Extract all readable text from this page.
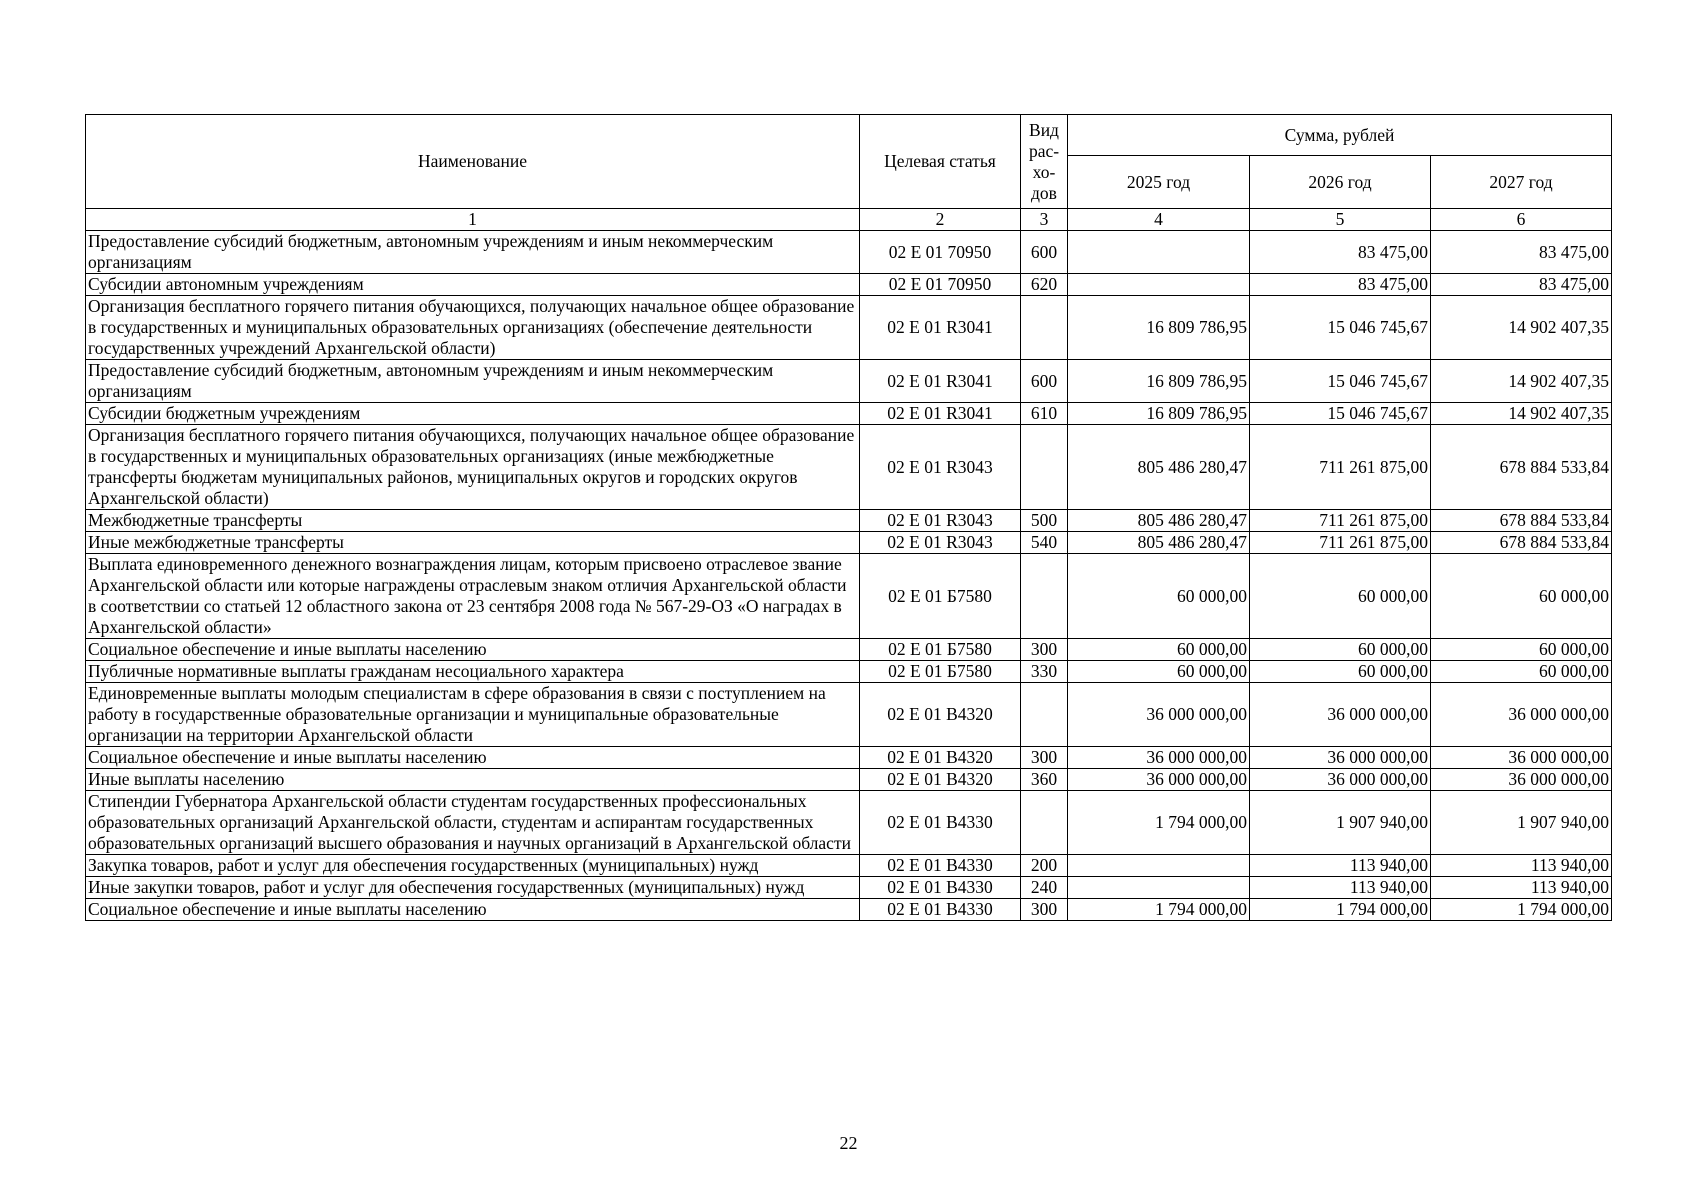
Наименование	Целевая статья	Вид
рас-
хо-
дов	Сумма, рублей		
			2025 год	2026 год	2027 год
1	2	3	4	5	6
Предоставление субсидий бюджетным, автономным учреждениям и иным некоммерческим организациям	02 Е 01 70950	600		83 475,00	83 475,00
Субсидии автономным учреждениям	02 Е 01 70950	620		83 475,00	83 475,00
Организация бесплатного горячего питания обучающихся, получающих начальное общее образование в государственных и муниципальных образовательных организациях (обеспечение деятельности государственных учреждений Архангельской области)	02 Е 01 R3041		16 809 786,95	15 046 745,67	14 902 407,35
Предоставление субсидий бюджетным, автономным учреждениям и иным некоммерческим организациям	02 Е 01 R3041	600	16 809 786,95	15 046 745,67	14 902 407,35
Субсидии бюджетным учреждениям	02 Е 01 R3041	610	16 809 786,95	15 046 745,67	14 902 407,35
Организация бесплатного горячего питания обучающихся, получающих начальное общее образование в государственных и муниципальных образовательных организациях (иные межбюджетные трансферты бюджетам муниципальных районов, муниципальных округов и городских округов Архангельской области)	02 Е 01 R3043		805 486 280,47	711 261 875,00	678 884 533,84
Межбюджетные трансферты	02 Е 01 R3043	500	805 486 280,47	711 261 875,00	678 884 533,84
Иные межбюджетные трансферты	02 Е 01 R3043	540	805 486 280,47	711 261 875,00	678 884 533,84
Выплата единовременного денежного вознаграждения лицам, которым присвоено отраслевое звание Архангельской области или которые награждены отраслевым знаком отличия Архангельской области в соответствии со статьей 12 областного закона от 23 сентября 2008 года № 567-29-ОЗ «О наградах в Архангельской области»	02 Е 01 Б7580		60 000,00	60 000,00	60 000,00
Социальное обеспечение и иные выплаты населению	02 Е 01 Б7580	300	60 000,00	60 000,00	60 000,00
Публичные нормативные выплаты гражданам несоциального характера	02 Е 01 Б7580	330	60 000,00	60 000,00	60 000,00
Единовременные выплаты молодым специалистам в сфере образования в связи с поступлением на работу в государственные образовательные организации и муниципальные образовательные организации на территории Архангельской области	02 Е 01 В4320		36 000 000,00	36 000 000,00	36 000 000,00
Социальное обеспечение и иные выплаты населению	02 Е 01 В4320	300	36 000 000,00	36 000 000,00	36 000 000,00
Иные выплаты населению	02 Е 01 В4320	360	36 000 000,00	36 000 000,00	36 000 000,00
Стипендии Губернатора Архангельской области студентам государственных профессиональных образовательных организаций Архангельской области, студентам и аспирантам государственных образовательных организаций высшего образования и научных организаций в Архангельской области	02 Е 01 В4330		1 794 000,00	1 907 940,00	1 907 940,00
Закупка товаров, работ и услуг для обеспечения государственных (муниципальных) нужд	02 Е 01 В4330	200		113 940,00	113 940,00
Иные закупки товаров, работ и услуг для обеспечения государственных (муниципальных) нужд	02 Е 01 В4330	240		113 940,00	113 940,00
Социальное обеспечение и иные выплаты населению	02 Е 01 В4330	300	1 794 000,00	1 794 000,00	1 794 000,00
22
